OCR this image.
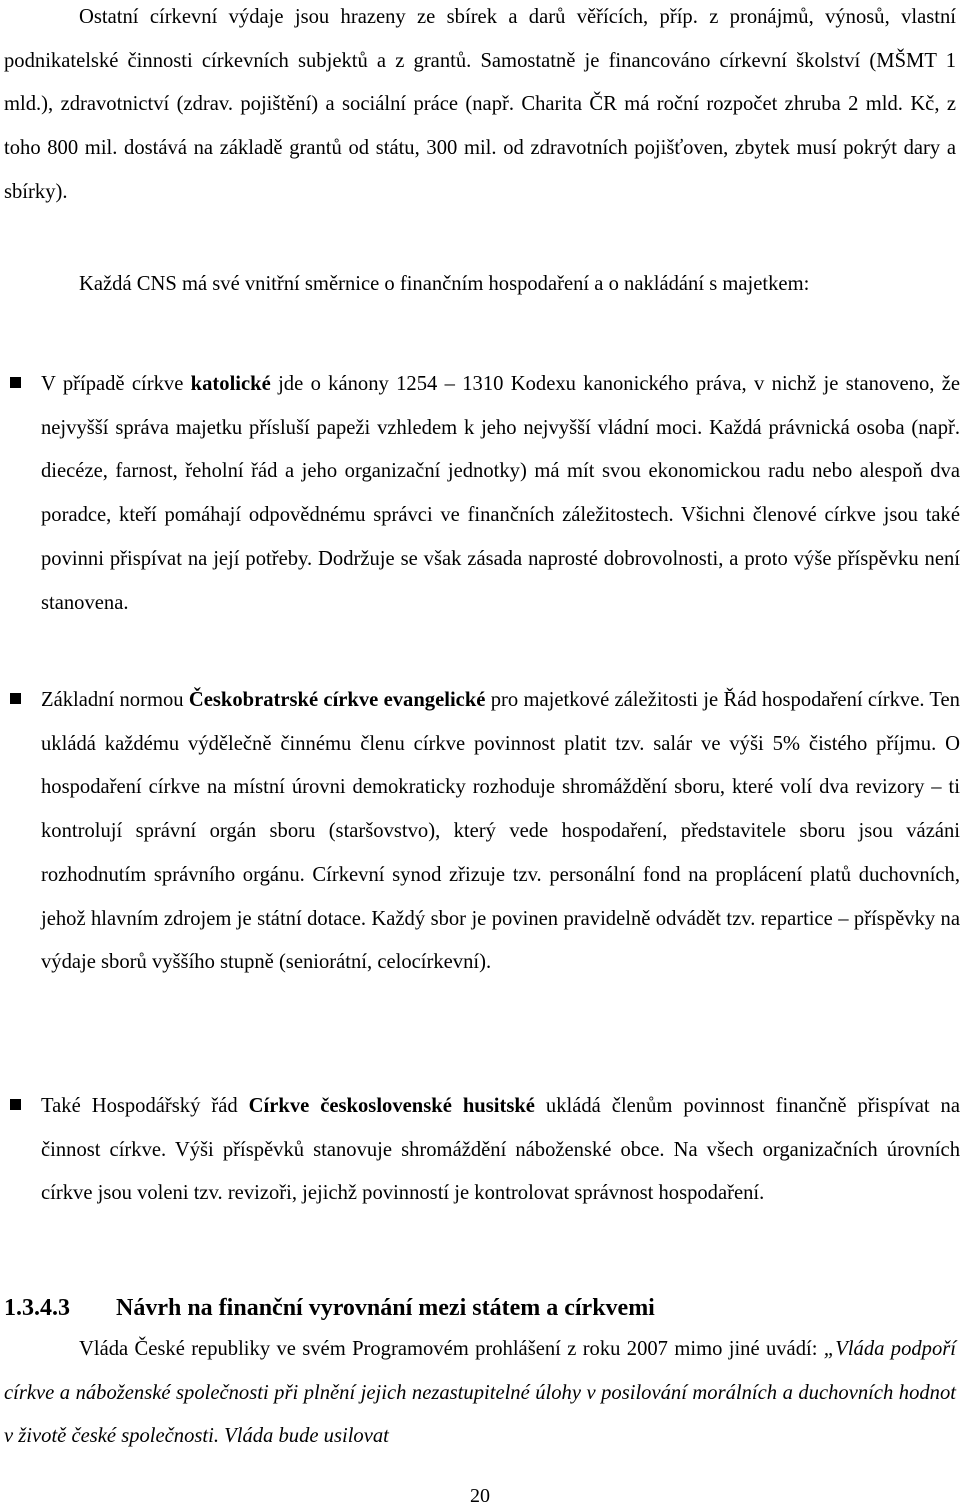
Ostatní církevní výdaje jsou hrazeny ze sbírek a darů věřících, příp. z pronájmů, výnosů, vlastní podnikatelské činnosti církevních subjektů a z grantů. Samostatně je financováno církevní školství (MŠMT 1 mld.), zdravotnictví (zdrav. pojištění) a sociální práce (např. Charita ČR má roční rozpočet zhruba 2 mld. Kč, z toho 800 mil. dostává na základě grantů od státu, 300 mil. od zdravotních pojišťoven, zbytek musí pokrýt dary a sbírky).

Každá CNS má své vnitřní směrnice o finančním hospodaření a o nakládání s majetkem:

V případě církve katolické jde o kánony 1254 – 1310 Kodexu kanonického práva, v nichž je stanoveno, že nejvyšší správa majetku přísluší papeži vzhledem k jeho nejvyšší vládní moci. Každá právnická osoba (např. diecéze, farnost, řeholní řád a jeho organizační jednotky) má mít svou ekonomickou radu nebo alespoň dva poradce, kteří pomáhají odpovědnému správci ve finančních záležitostech. Všichni členové církve jsou také povinni přispívat na její potřeby. Dodržuje se však zásada naprosté dobrovolnosti, a proto výše příspěvku není stanovena.

Základní normou Českobratrské církve evangelické pro majetkové záležitosti je Řád hospodaření církve. Ten ukládá každému výdělečně činnému členu církve povinnost platit tzv. salár ve výši 5% čistého příjmu. O hospodaření církve na místní úrovni demokraticky rozhoduje shromáždění sboru, které volí dva revizory – ti kontrolují správní orgán sboru (staršovstvo), který vede hospodaření, představitele sboru jsou vázáni rozhodnutím správního orgánu. Církevní synod zřizuje tzv. personální fond na proplácení platů duchovních, jehož hlavním zdrojem je státní dotace. Každý sbor je povinen pravidelně odvádět tzv. repartice – příspěvky na výdaje sborů vyššího stupně (seniorátní, celocírkevní).

Také Hospodářský řád Církve československé husitské ukládá členům povinnost finančně přispívat na činnost církve. Výši příspěvků stanovuje shromáždění náboženské obce. Na všech organizačních úrovních církve jsou voleni tzv. revizoři, jejichž povinností je kontrolovat správnost hospodaření.

1.3.4.3 Návrh na finanční vyrovnání mezi státem a církvemi

Vláda České republiky ve svém Programovém prohlášení z roku 2007 mimo jiné uvádí: „Vláda podpoří církve a náboženské společnosti při plnění jejich nezastupitelné úlohy v posilování morálních a duchovních hodnot v životě české společnosti. Vláda bude usilovat

20
